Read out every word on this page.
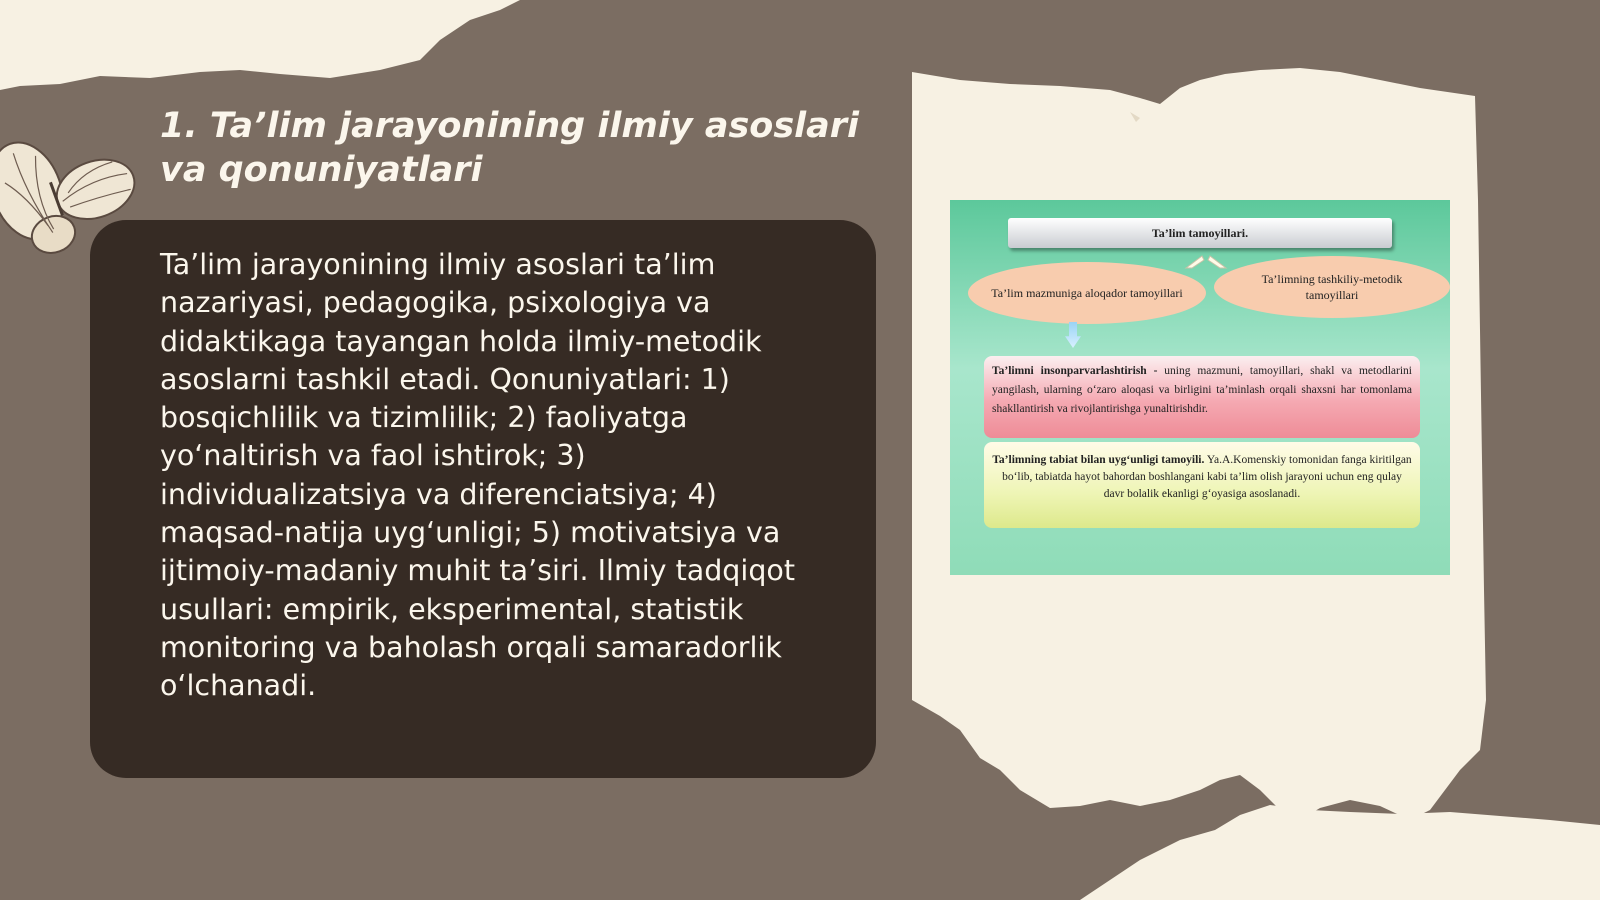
1. Ta’lim jarayonining ilmiy asoslari va qonuniyatlari

Ta’lim jarayonining ilmiy asoslari ta’lim nazariyasi, pedagogika, psixologiya va didaktikaga tayangan holda ilmiy-metodik asoslarni tashkil etadi. Qonuniyatlari: 1) bosqichlilik va tizimlilik; 2) faoliyatga yo‘naltirish va faol ishtirok; 3) individualizatsiya va diferenciatsiya; 4) maqsad-natija uyg‘unligi; 5) motivatsiya va ijtimoiy-madaniy muhit ta’siri. Ilmiy tadqiqot usullari: empirik, eksperimental, statistik monitoring va baholash orqali samaradorlik o‘lchanadi.

Ta’lim tamoyillari.
Ta’lim mazmuniga aloqador tamoyillari
Ta’limning tashkiliy-metodik tamoyillari
Ta’limni insonparvarlashtirish - uning mazmuni, tamoyillari, shakl va metodlarini yangilash, ularning o‘zaro aloqasi va birligini ta’minlash orqali shaxsni har tomonlama shakllantirish va rivojlantirishga yunaltirishdir.
Ta’limning tabiat bilan uyg‘unligi tamoyili. Ya.A.Komenskiy tomonidan fanga kiritilgan bo‘lib, tabiatda hayot bahordan boshlangani kabi ta’lim olish jarayoni uchun eng qulay davr bolalik ekanligi g‘oyasiga asoslanadi.
